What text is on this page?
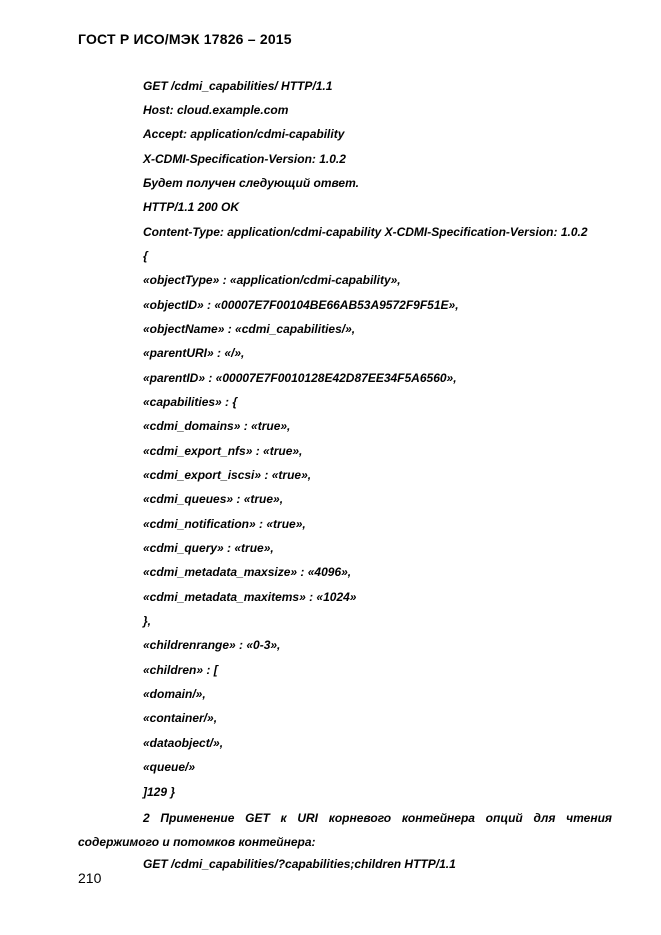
ГОСТ Р ИСО/МЭК 17826 – 2015
GET /cdmi_capabilities/ HTTP/1.1
Host: cloud.example.com
Accept: application/cdmi-capability
X-CDMI-Specification-Version: 1.0.2
Будет получен следующий ответ.
HTTP/1.1 200 OK
Content-Type: application/cdmi-capability X-CDMI-Specification-Version: 1.0.2
{
«objectType» : «application/cdmi-capability»,
«objectID» : «00007E7F00104BE66AB53A9572F9F51E»,
«objectName» : «cdmi_capabilities/»,
«parentURI» : «/»,
«parentID» : «00007E7F0010128E42D87EE34F5A6560»,
«capabilities» : {
«cdmi_domains» : «true»,
«cdmi_export_nfs» : «true»,
«cdmi_export_iscsi» : «true»,
«cdmi_queues» : «true»,
«cdmi_notification» : «true»,
«cdmi_query» : «true»,
«cdmi_metadata_maxsize» : «4096»,
«cdmi_metadata_maxitems» : «1024»
},
«childrenrange» : «0-3»,
«children» : [
«domain/»,
«container/»,
«dataobject/»,
«queue/»
]129 }
2 Применение GET к URI корневого контейнера опций для чтения содержимого и потомков контейнера:
GET /cdmi_capabilities/?capabilities;children HTTP/1.1
210
